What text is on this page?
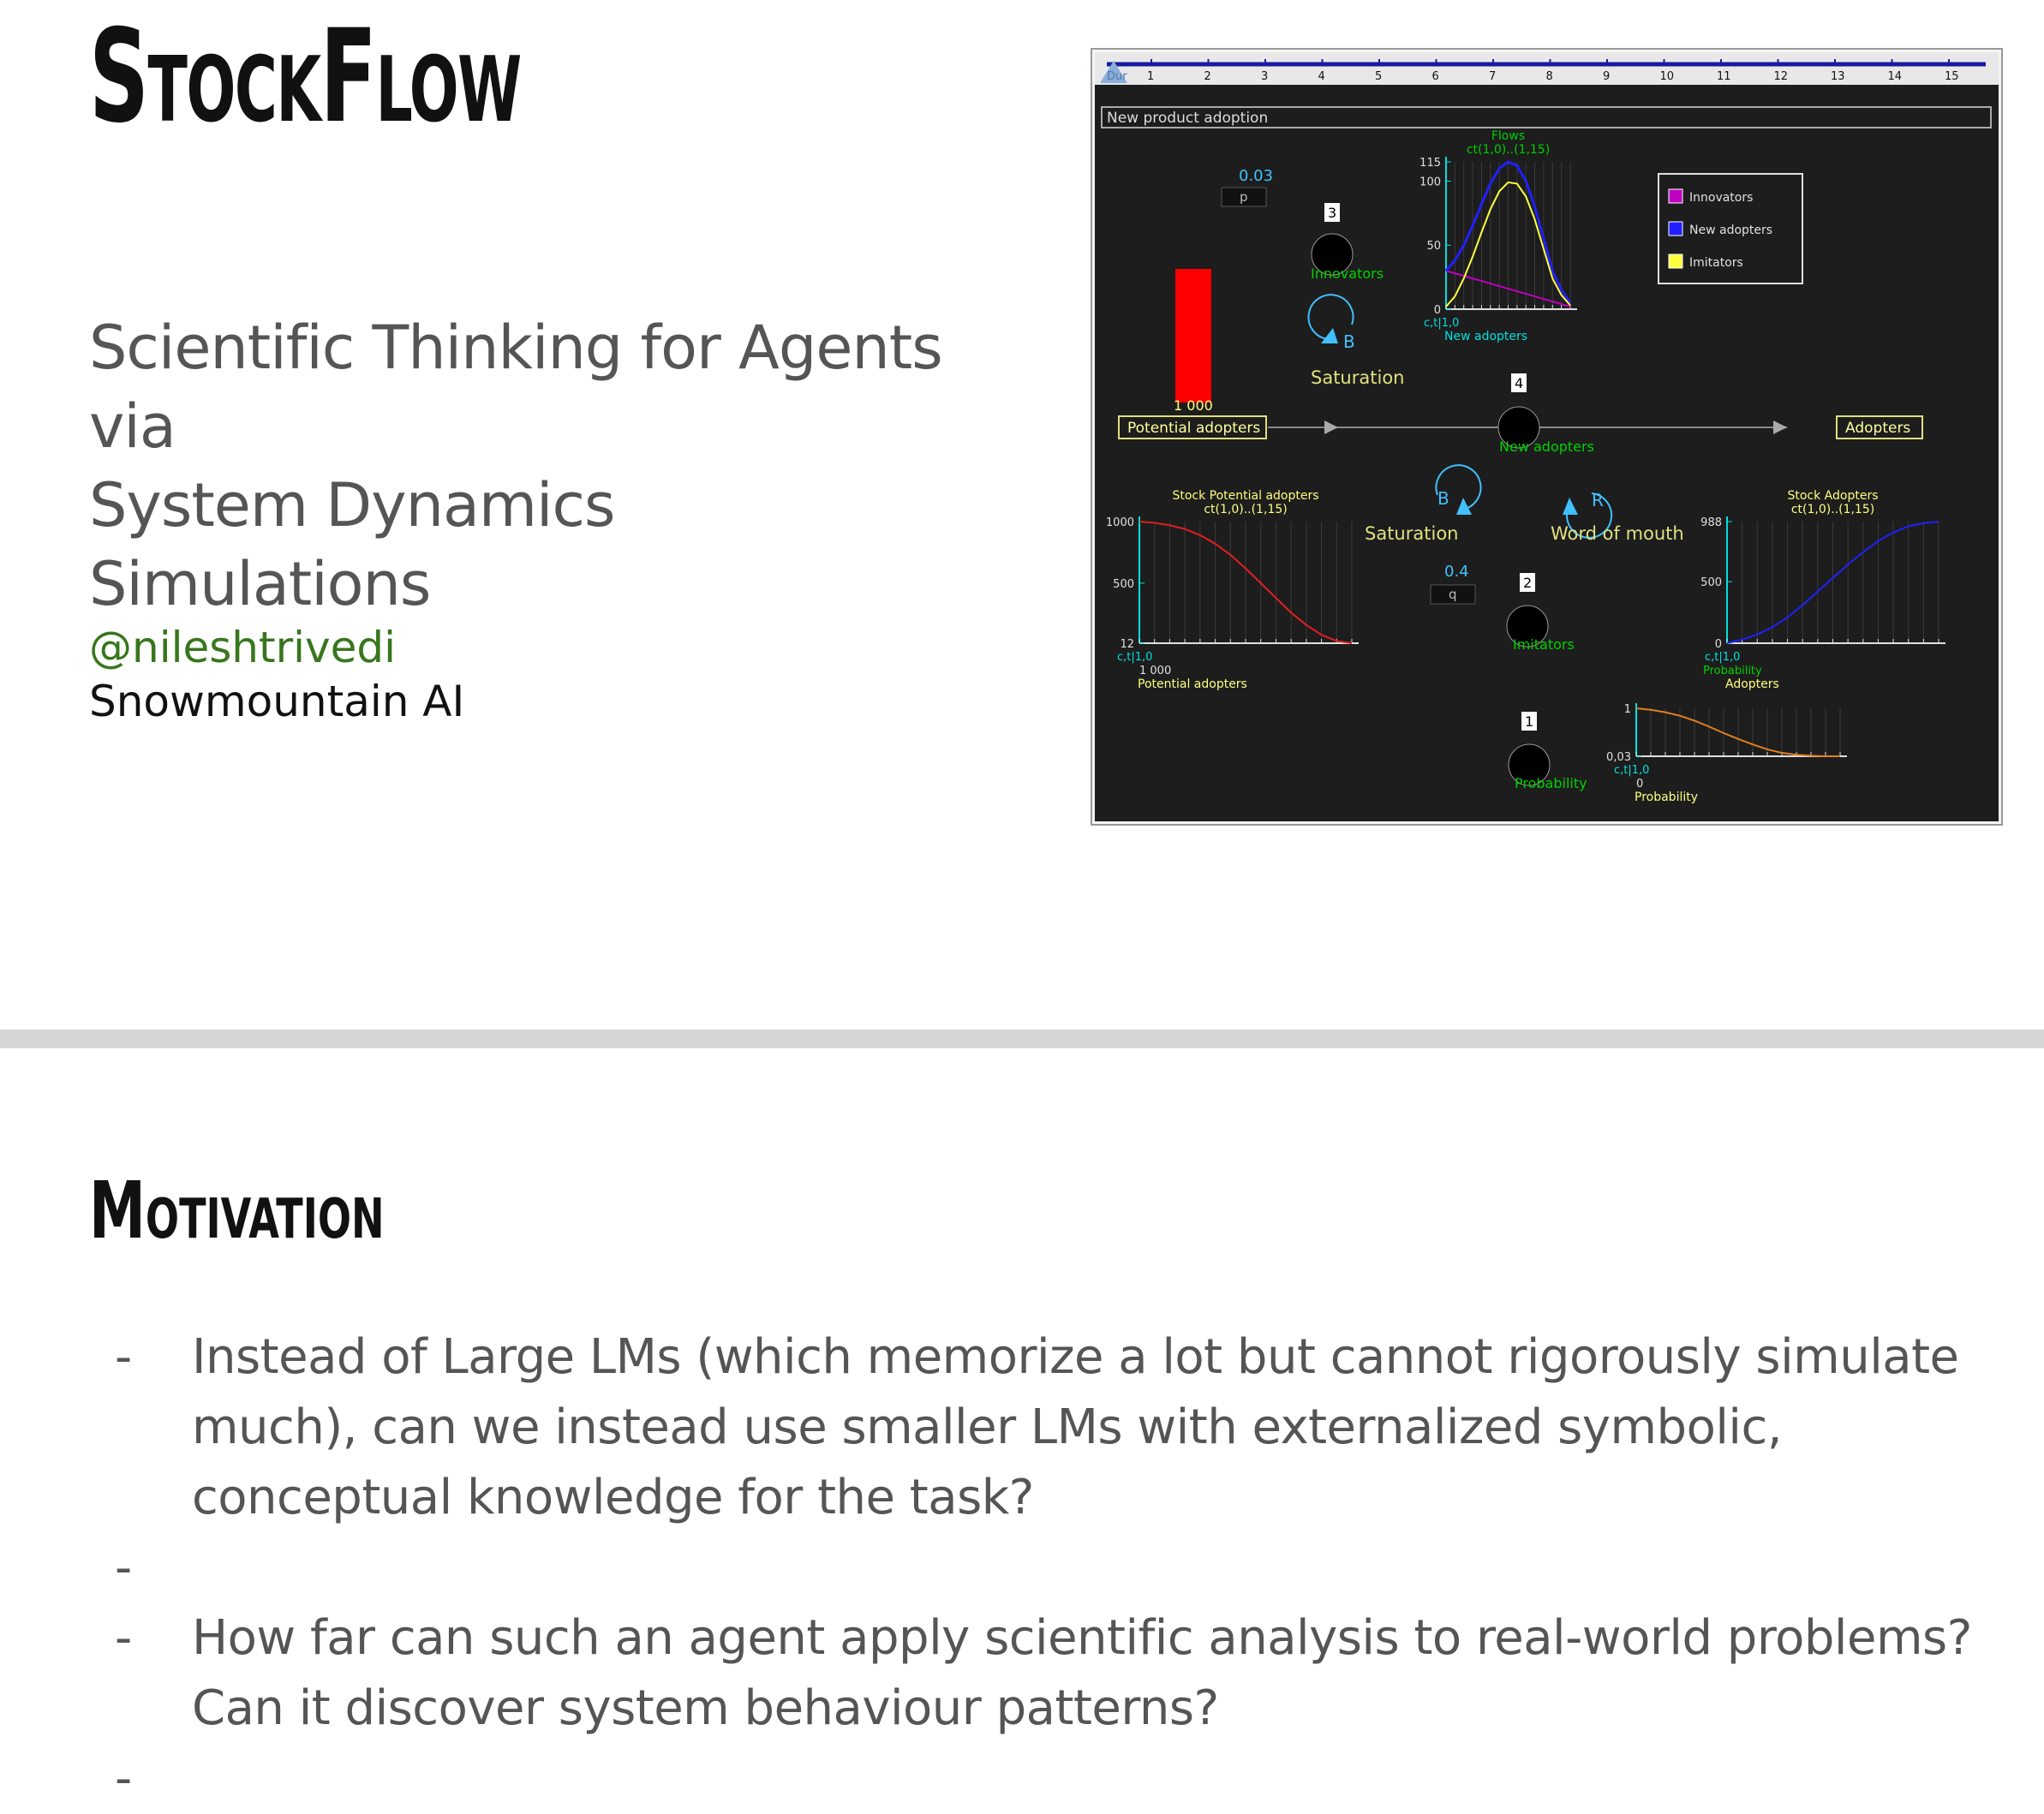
StockFlow
Scientific Thinking for Agents via
System Dynamics Simulations
@nileshtrivedi
Snowmountain AI
Dur 1	2	3	4	5	6	7	8	9	10	11	12	13	14	15
New product adoption
0.03
p
1 000
Potential adopters	Adopters
3
Innovators
B
Saturation	4
New adopters
B
Saturation
R
Word of mouth
0.4
q
2
Imitators
1
Probability
0
50
100
115
Flows
ct(1,0)..(1,15)
c,t|1,0
New adopters
12
500
1000
Stock Potential adopters
ct(1,0)..(1,15)
c,t|1,0
1 000
Potential adopters
0
500
988
Stock Adopters
ct(1,0)..(1,15)
c,t|1,0
Probability
Adopters
0,03
1
c,t|1,0
0
Probability
Innovators
New adopters
Imitators
Motivation
- Instead of Large LMs (which memorize a lot but cannot rigorously simulate much), can we instead use smaller LMs with externalized symbolic, conceptual knowledge for the task?
-
- How far can such an agent apply scientific analysis to real-world problems? Can it discover system behaviour patterns?
-
